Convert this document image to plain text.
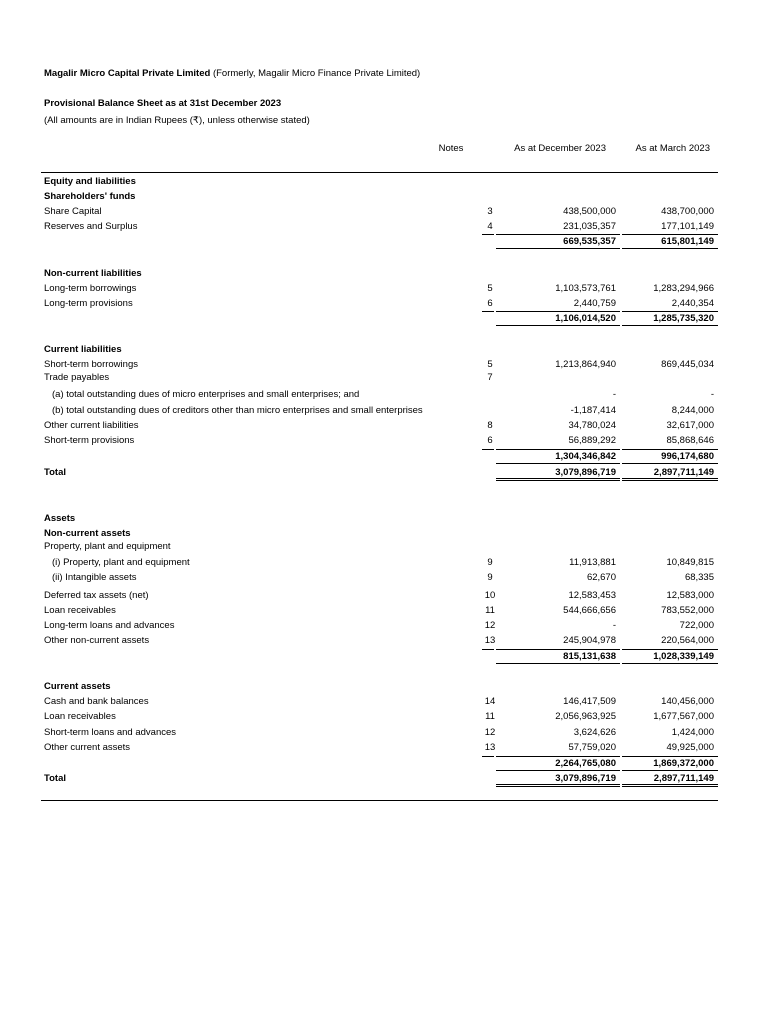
Magalir Micro Capital Private Limited (Formerly, Magalir Micro Finance Private Limited)
Provisional Balance Sheet as at 31st December 2023
(All amounts are in Indian Rupees (₹), unless otherwise stated)
Notes	As at December 2023	As at March 2023
Equity and liabilities
Shareholders' funds
Share Capital	3	438,500,000	438,700,000
Reserves and Surplus	4	231,035,357	177,101,149
669,535,357	615,801,149
Non-current liabilities
Long-term borrowings	5	1,103,573,761	1,283,294,966
Long-term provisions	6	2,440,759	2,440,354
1,106,014,520	1,285,735,320
Current liabilities
Short-term borrowings	5	1,213,864,940	869,445,034
Trade payables	7
(a) total outstanding dues of micro enterprises and small enterprises; and	-	-
(b) total outstanding dues of creditors other than micro enterprises and small enterprises	-1,187,414	8,244,000
Other current liabilities	8	34,780,024	32,617,000
Short-term provisions	6	56,889,292	85,868,646
1,304,346,842	996,174,680
Total	3,079,896,719	2,897,711,149
Assets
Non-current assets
Property, plant and equipment
(i) Property, plant and equipment	9	11,913,881	10,849,815
(ii) Intangible assets	9	62,670	68,335
Deferred tax assets (net)	10	12,583,453	12,583,000
Loan receivables	11	544,666,656	783,552,000
Long-term loans and advances	12	-	722,000
Other non-current assets	13	245,904,978	220,564,000
815,131,638	1,028,339,149
Current assets
Cash and bank balances	14	146,417,509	140,456,000
Loan receivables	11	2,056,963,925	1,677,567,000
Short-term loans and advances	12	3,624,626	1,424,000
Other current assets	13	57,759,020	49,925,000
2,264,765,080	1,869,372,000
Total	3,079,896,719	2,897,711,149
